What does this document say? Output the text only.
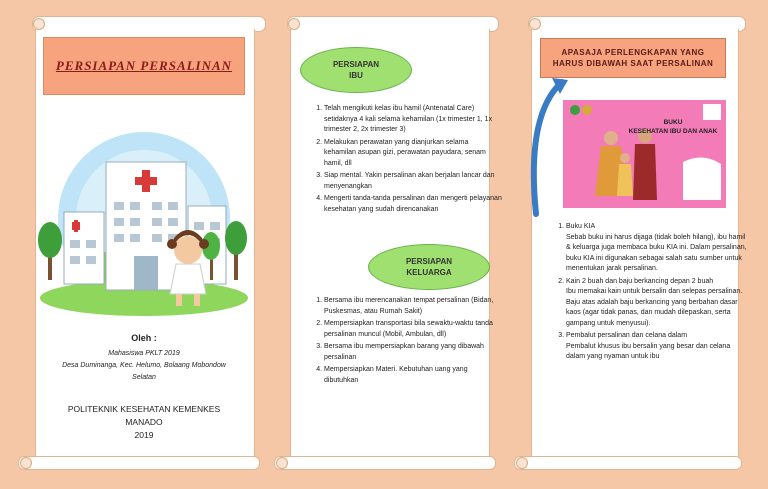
PERSIAPAN PERSALINAN
Oleh :
Mahasiswa PKLT 2019
Desa Duminanga, Kec. Helumo, Bolaang Mobondow
Selatan
POLITEKNIK KESEHATAN KEMENKES
MANADO
2019
PERSIAPAN
IBU
1. Telah mengikuti kelas ibu hamil (Antenatal Care) setidaknya 4 kali selama kehamilan (1x trimester 1, 1x trimester 2, 2x trimester 3)
2. Melakukan perawatan yang dianjurkan selama kehamilan asupan gizi, perawatan payudara, senam hamil, dll
3. Siap mental. Yakin persalinan akan berjalan lancar dan menyenangkan
4. Mengerti tanda-tanda persalinan dan mengerti pelayanan kesehatan yang sudah direncanakan
PERSIAPAN
KELUARGA
1. Bersama ibu merencanakan tempat persalinan (Bidan, Puskesmas, atau Rumah Sakit)
2. Mempersiapkan transportasi bila sewaktu-waktu tanda persalinan muncul (Mobil, Ambulan, dll)
3. Bersama ibu mempersiapkan barang yang dibawah persalinan
4. Mempersiapkan Materi. Kebutuhan uang yang dibutuhkan
APASAJA PERLENGKAPAN YANG
HARUS DIBAWAH SAAT PERSALINAN
BUKU
KESEHATAN IBU DAN ANAK
1. Buku KIA
Sebab buku ini harus dijaga (tidak boleh hilang), ibu hamil & keluarga juga membaca buku KIA ini. Dalam persalinan, buku KIA ini digunakan sebagai salah satu sumber untuk menentukan jarak persalinan.
2. Kain 2 buah dan baju berkancing depan 2 buah
Ibu memakai kain untuk bersalin dan selepas persalinan. Baju atas adalah baju berkancing yang berbahan dasar kaos (agar tidak panas, dan mudah dilepaskan, serta gampang untuk menyusui).
3. Pembalut persalinan dan celana dalam
Pembalut khusus ibu bersalin yang besar dan celana dalam yang nyaman untuk ibu
